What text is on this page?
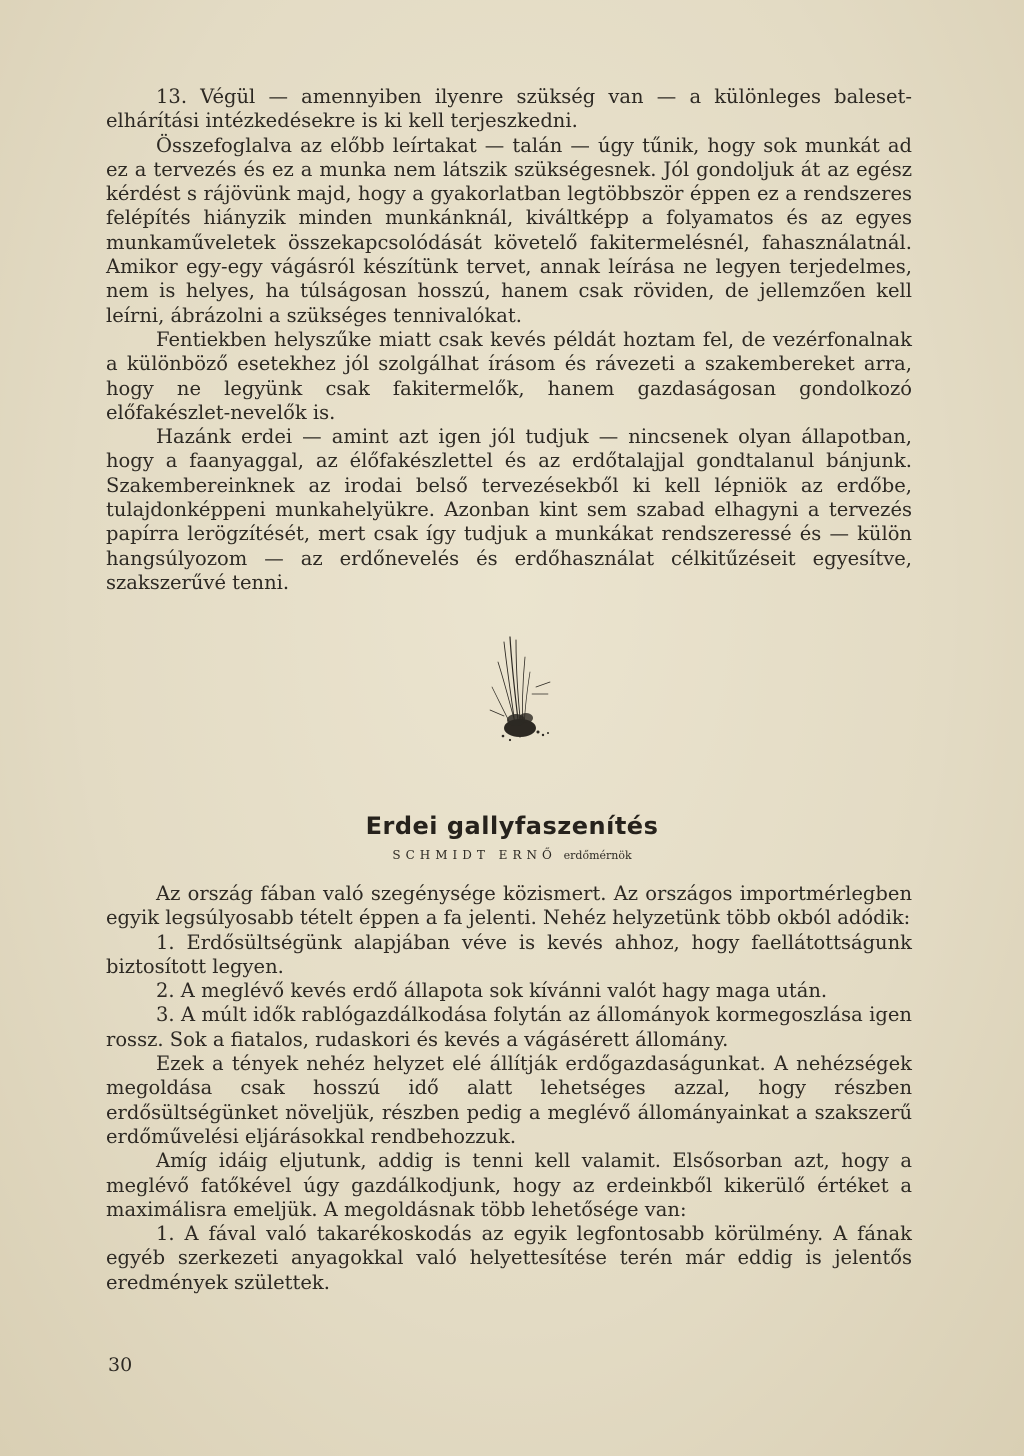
13. Végül — amennyiben ilyenre szükség van — a különleges baleset-elhárítási intézkedésekre is ki kell terjeszkedni.

Összefoglalva az előbb leírtakat — talán — úgy tűnik, hogy sok munkát ad ez a tervezés és ez a munka nem látszik szükségesnek. Jól gondoljuk át az egész kérdést s rájövünk majd, hogy a gyakorlatban legtöbbször éppen ez a rendszeres felépítés hiányzik minden munkánknál, kiváltképp a folyamatos és az egyes munkaműveletek összekapcsolódását követelő fakitermelésnél, fahasználatnál. Amikor egy-egy vágásról készítünk tervet, annak leírása ne legyen terjedelmes, nem is helyes, ha túlságosan hosszú, hanem csak röviden, de jellemzően kell leírni, ábrázolni a szükséges tennivalókat.

Fentiekben helyszűke miatt csak kevés példát hoztam fel, de vezérfonalnak a különböző esetekhez jól szolgálhat írásom és rávezeti a szakembereket arra, hogy ne legyünk csak fakitermelők, hanem gazdaságosan gondolkozó előfakészlet-nevelők is.

Hazánk erdei — amint azt igen jól tudjuk — nincsenek olyan állapotban, hogy a faanyaggal, az élőfakészlettel és az erdőtalajjal gondtalanul bánjunk. Szakembereinknek az irodai belső tervezésekből ki kell lépniök az erdőbe, tulajdonképpeni munkahelyükre. Azonban kint sem szabad elhagyni a tervezés papírra lerögzítését, mert csak így tudjuk a munkákat rendszeressé és — külön hangsúlyozom — az erdőnevelés és erdőhasználat célkitűzéseit egyesítve, szakszerűvé tenni.

Erdei gallyfaszenítés
SCHMIDT ERNŐ erdőmérnök

Az ország fában való szegénysége közismert. Az országos importmérlegben egyik legsúlyosabb tételt éppen a fa jelenti. Nehéz helyzetünk több okból adódik:

1. Erdősültségünk alapjában véve is kevés ahhoz, hogy faellátottságunk biztosított legyen.

2. A meglévő kevés erdő állapota sok kívánni valót hagy maga után.

3. A múlt idők rablógazdálkodása folytán az állományok kormegoszlása igen rossz. Sok a fiatalos, rudaskori és kevés a vágásérett állomány.

Ezek a tények nehéz helyzet elé állítják erdőgazdaságunkat. A nehézségek megoldása csak hosszú idő alatt lehetséges azzal, hogy részben erdősültségünket növeljük, részben pedig a meglévő állományainkat a szakszerű erdőművelési eljárásokkal rendbehozzuk.

Amíg idáig eljutunk, addig is tenni kell valamit. Elsősorban azt, hogy a meglévő fatőkével úgy gazdálkodjunk, hogy az erdeinkből kikerülő értéket a maximálisra emeljük. A megoldásnak több lehetősége van:

1. A fával való takarékoskodás az egyik legfontosabb körülmény. A fának egyéb szerkezeti anyagokkal való helyettesítése terén már eddig is jelentős eredmények születtek.

30
